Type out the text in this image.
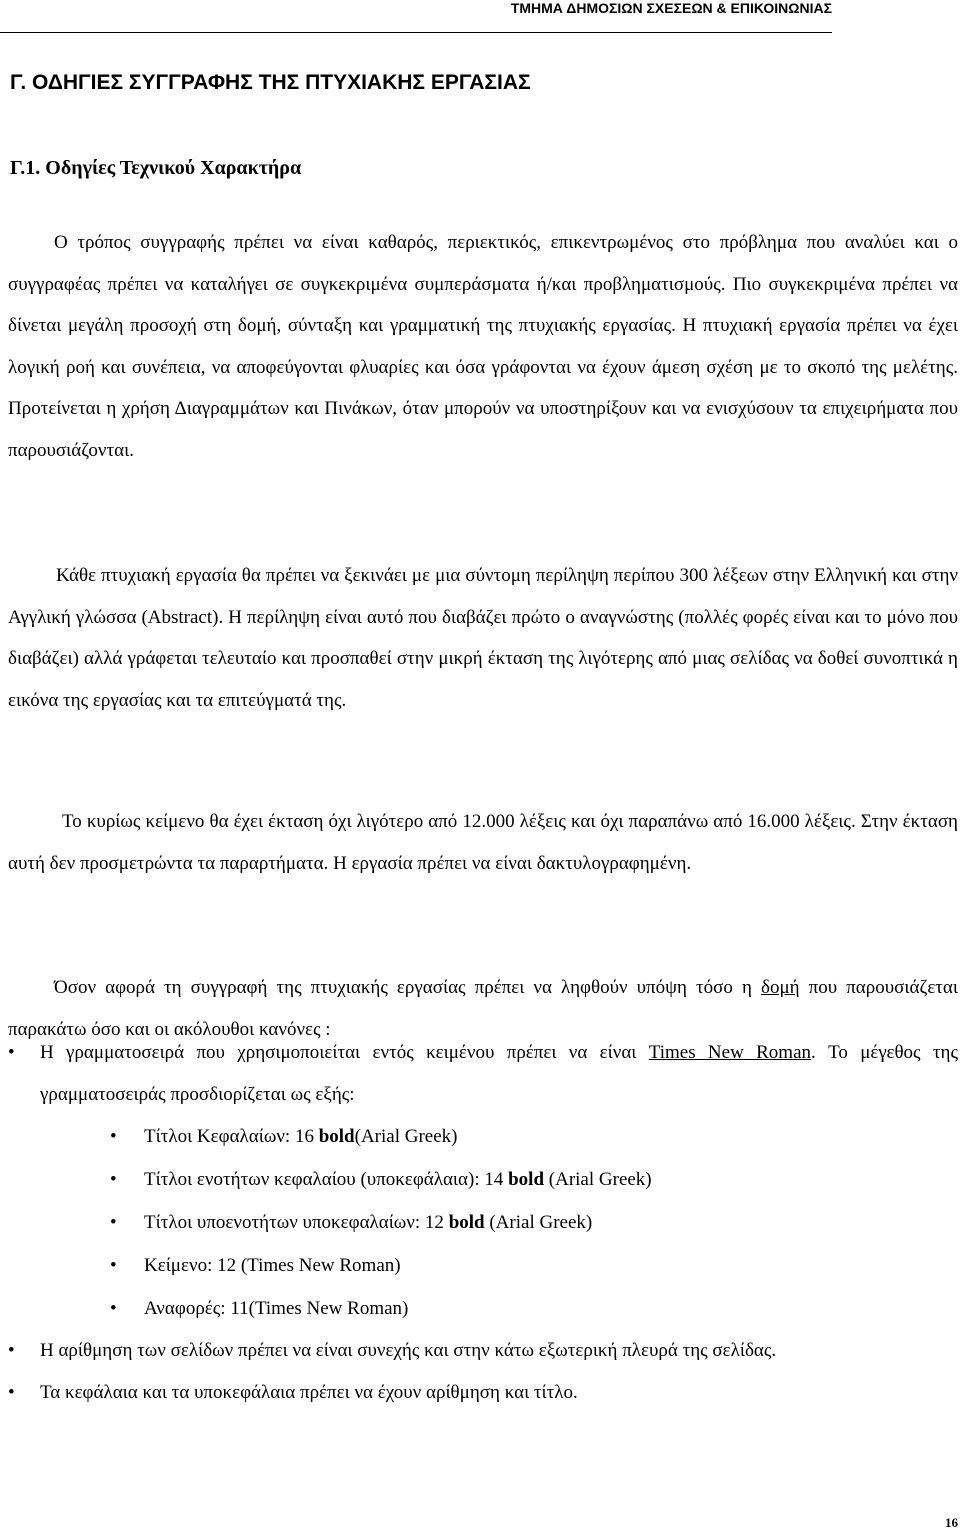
ΤΜΗΜΑ ΔΗΜΟΣΙΩΝ ΣΧΕΣΕΩΝ & ΕΠΙΚΟΙΝΩΝΙΑΣ
Γ. ΟΔΗΓΙΕΣ ΣΥΓΓΡΑΦΗΣ ΤΗΣ ΠΤΥΧΙΑΚΗΣ ΕΡΓΑΣΙΑΣ
Γ.1. Οδηγίες Τεχνικού Χαρακτήρα

Ο τρόπος συγγραφής πρέπει να είναι καθαρός, περιεκτικός, επικεντρωμένος στο πρόβλημα που αναλύει και ο συγγραφέας πρέπει να καταλήγει σε συγκεκριμένα συμπεράσματα ή/και προβληματισμούς. Πιο συγκεκριμένα πρέπει να δίνεται μεγάλη προσοχή στη δομή, σύνταξη και γραμματική της πτυχιακής εργασίας. Η πτυχιακή εργασία πρέπει να έχει λογική ροή και συνέπεια, να αποφεύγονται φλυαρίες και όσα γράφονται να έχουν άμεση σχέση με το σκοπό της μελέτης. Προτείνεται η χρήση Διαγραμμάτων και Πινάκων, όταν μπορούν να υποστηρίξουν και να ενισχύσουν τα επιχειρήματα που παρουσιάζονται.

Κάθε πτυχιακή εργασία θα πρέπει να ξεκινάει με μια σύντομη περίληψη περίπου 300 λέξεων στην Ελληνική και στην Αγγλική γλώσσα (Abstract). Η περίληψη είναι αυτό που διαβάζει πρώτο ο αναγνώστης (πολλές φορές είναι και το μόνο που διαβάζει) αλλά γράφεται τελευταίο και προσπαθεί στην μικρή έκταση της λιγότερης από μιας σελίδας να δοθεί συνοπτικά η εικόνα της εργασίας και τα επιτεύγματά της.

Το κυρίως κείμενο θα έχει έκταση όχι λιγότερο από 12.000 λέξεις και όχι παραπάνω από 16.000 λέξεις. Στην έκταση αυτή δεν προσμετρώντα τα παραρτήματα. Η εργασία πρέπει να είναι δακτυλογραφημένη.

Όσον αφορά τη συγγραφή της πτυχιακής εργασίας πρέπει να ληφθούν υπόψη τόσο η δομή που παρουσιάζεται παρακάτω όσο και οι ακόλουθοι κανόνες :

• Η γραμματοσειρά που χρησιμοποιείται εντός κειμένου πρέπει να είναι Times New Roman. Το μέγεθος της γραμματοσειράς προσδιορίζεται ως εξής:
• Τίτλοι Κεφαλαίων: 16 bold(Arial Greek)
• Τίτλοι ενοτήτων κεφαλαίου (υποκεφάλαια): 14 bold (Arial Greek)
• Τίτλοι υποενοτήτων υποκεφαλαίων: 12 bold (Arial Greek)
• Κείμενο: 12 (Times New Roman)
• Αναφορές: 11(Times New Roman)
• Η αρίθμηση των σελίδων πρέπει να είναι συνεχής και στην κάτω εξωτερική πλευρά της σελίδας.
• Τα κεφάλαια και τα υποκεφάλαια πρέπει να έχουν αρίθμηση και τίτλο.
16
